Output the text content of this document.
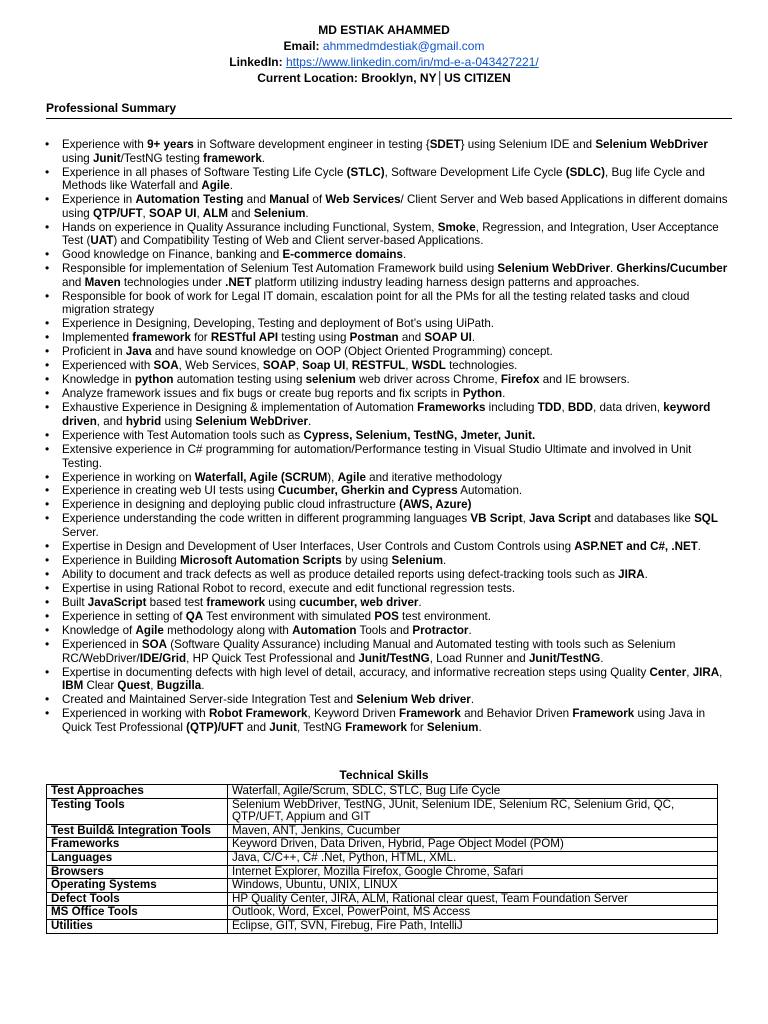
MD ESTIAK AHAMMED
Email: ahmmedmdestiak@gmail.com
LinkedIn: https://www.linkedin.com/in/md-e-a-043427221/
Current Location: Brooklyn, NY│US CITIZEN
Professional Summary
• Experience with 9+ years in Software development engineer in testing {SDET} using Selenium IDE and Selenium WebDriver using Junit/TestNG testing framework.
• Experience in all phases of Software Testing Life Cycle (STLC), Software Development Life Cycle (SDLC), Bug life Cycle and Methods like Waterfall and Agile.
• Experience in Automation Testing and Manual of Web Services/ Client Server and Web based Applications in different domains using QTP/UFT, SOAP UI, ALM and Selenium.
• Hands on experience in Quality Assurance including Functional, System, Smoke, Regression, and Integration, User Acceptance Test (UAT) and Compatibility Testing of Web and Client server-based Applications.
• Good knowledge on Finance, banking and E-commerce domains.
• Responsible for implementation of Selenium Test Automation Framework build using Selenium WebDriver. Gherkins/Cucumber and Maven technologies under .NET platform utilizing industry leading harness design patterns and approaches.
• Responsible for book of work for Legal IT domain, escalation point for all the PMs for all the testing related tasks and cloud migration strategy
• Experience in Designing, Developing, Testing and deployment of Bot’s using UiPath.
• Implemented framework for RESTful API testing using Postman and SOAP UI.
• Proficient in Java and have sound knowledge on OOP (Object Oriented Programming) concept.
• Experienced with SOA, Web Services, SOAP, Soap UI, RESTFUL, WSDL technologies.
• Knowledge in python automation testing using selenium web driver across Chrome, Firefox and IE browsers.
• Analyze framework issues and fix bugs or create bug reports and fix scripts in Python.
• Exhaustive Experience in Designing & implementation of Automation Frameworks including TDD, BDD, data driven, keyword driven, and hybrid using Selenium WebDriver.
• Experience with Test Automation tools such as Cypress, Selenium, TestNG, Jmeter, Junit.
• Extensive experience in C# programming for automation/Performance testing in Visual Studio Ultimate and involved in Unit Testing.
• Experience in working on Waterfall, Agile (SCRUM), Agile and iterative methodology
• Experience in creating web UI tests using Cucumber, Gherkin and Cypress Automation.
• Experience in designing and deploying public cloud infrastructure (AWS, Azure)
• Experience understanding the code written in different programming languages VB Script, Java Script and databases like SQL Server.
• Expertise in Design and Development of User Interfaces, User Controls and Custom Controls using ASP.NET and C#, .NET.
• Experience in Building Microsoft Automation Scripts by using Selenium.
• Ability to document and track defects as well as produce detailed reports using defect-tracking tools such as JIRA.
• Expertise in using Rational Robot to record, execute and edit functional regression tests.
• Built JavaScript based test framework using cucumber, web driver.
• Experience in setting of QA Test environment with simulated POS test environment.
• Knowledge of Agile methodology along with Automation Tools and Protractor.
• Experienced in SOA (Software Quality Assurance) including Manual and Automated testing with tools such as Selenium RC/WebDriver/IDE/Grid, HP Quick Test Professional and Junit/TestNG, Load Runner and Junit/TestNG.
• Expertise in documenting defects with high level of detail, accuracy, and informative recreation steps using Quality Center, JIRA, IBM Clear Quest, Bugzilla.
• Created and Maintained Server-side Integration Test and Selenium Web driver.
• Experienced in working with Robot Framework, Keyword Driven Framework and Behavior Driven Framework using Java in Quick Test Professional (QTP)/UFT and Junit, TestNG Framework for Selenium.
Technical Skills
Test Approaches	Waterfall, Agile/Scrum, SDLC, STLC, Bug Life Cycle
Testing Tools	Selenium WebDriver, TestNG, JUnit, Selenium IDE, Selenium RC, Selenium Grid, QC, QTP/UFT, Appium and GIT
Test Build& Integration Tools	Maven, ANT, Jenkins, Cucumber
Frameworks	Keyword Driven, Data Driven, Hybrid, Page Object Model (POM)
Languages	Java, C/C++, C# .Net, Python, HTML, XML.
Browsers	Internet Explorer, Mozilla Firefox, Google Chrome, Safari
Operating Systems	Windows, Ubuntu, UNIX, LINUX
Defect Tools	HP Quality Center, JIRA, ALM, Rational clear quest, Team Foundation Server
MS Office Tools	Outlook, Word, Excel, PowerPoint, MS Access
Utilities	Eclipse, GIT, SVN, Firebug, Fire Path, IntelliJ
